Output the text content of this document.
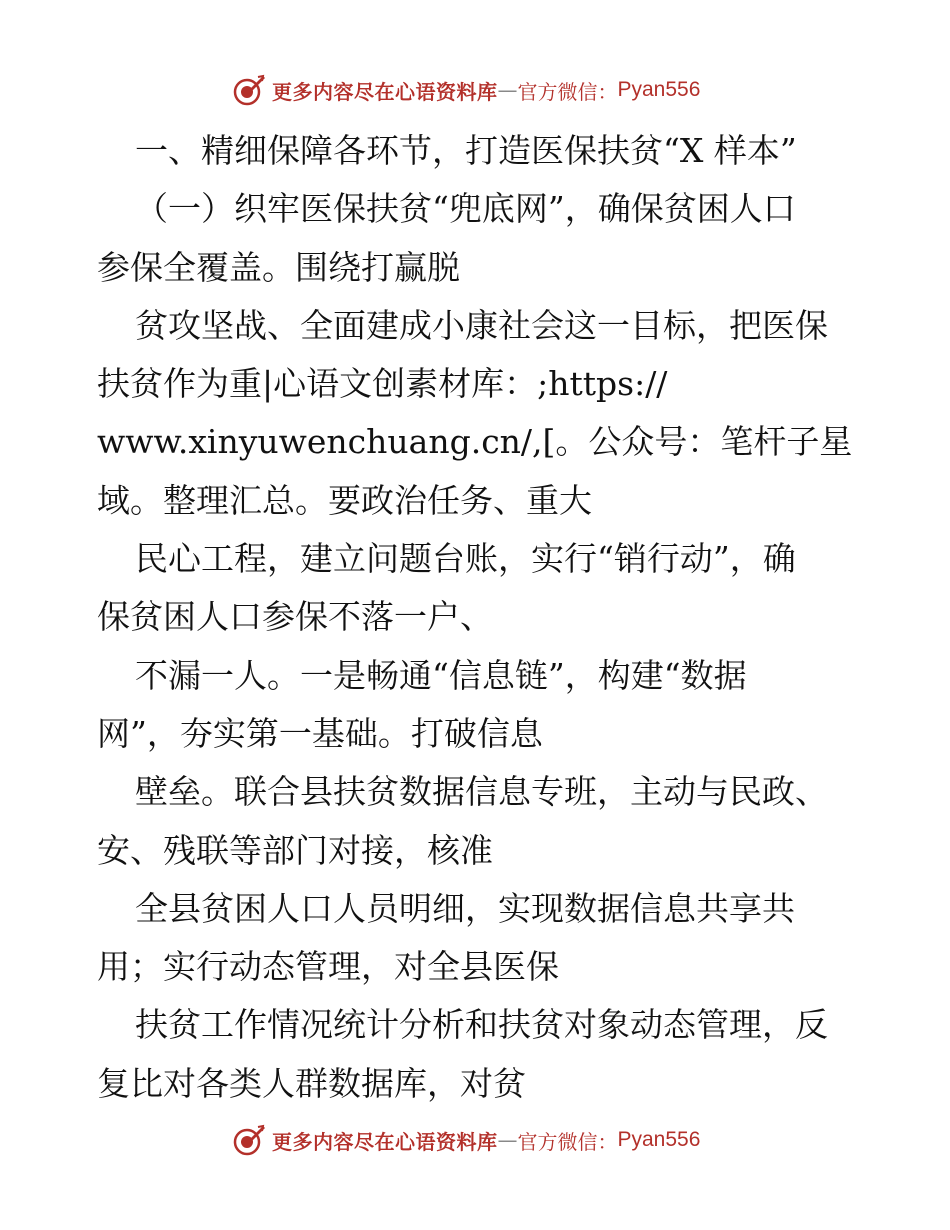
更多内容尽在心语资料库 — 官方微信： Pyan556
一、精细保障各环节，打造医保扶贫“X 样本”
（一）织牢医保扶贫“兜底网”，确保贫困人口
参保全覆盖。围绕打赢脱
贫攻坚战、全面建成小康社会这一目标，把医保
扶贫作为重|心语文创素材库：;https://
www.xinyuwenchuang.cn/,[。公众号：笔杆子星
域。整理汇总。要政治任务、重大
民心工程，建立问题台账，实行“销行动”，确
保贫困人口参保不落一户、
不漏一人。一是畅通“信息链”，构建“数据
网”，夯实第一基础。打破信息
壁垒。联合县扶贫数据信息专班，主动与民政、
安、残联等部门对接，核准
全县贫困人口人员明细，实现数据信息共享共
用；实行动态管理，对全县医保
扶贫工作情况统计分析和扶贫对象动态管理，反
复比对各类人群数据库，对贫
更多内容尽在心语资料库 — 官方微信： Pyan556
